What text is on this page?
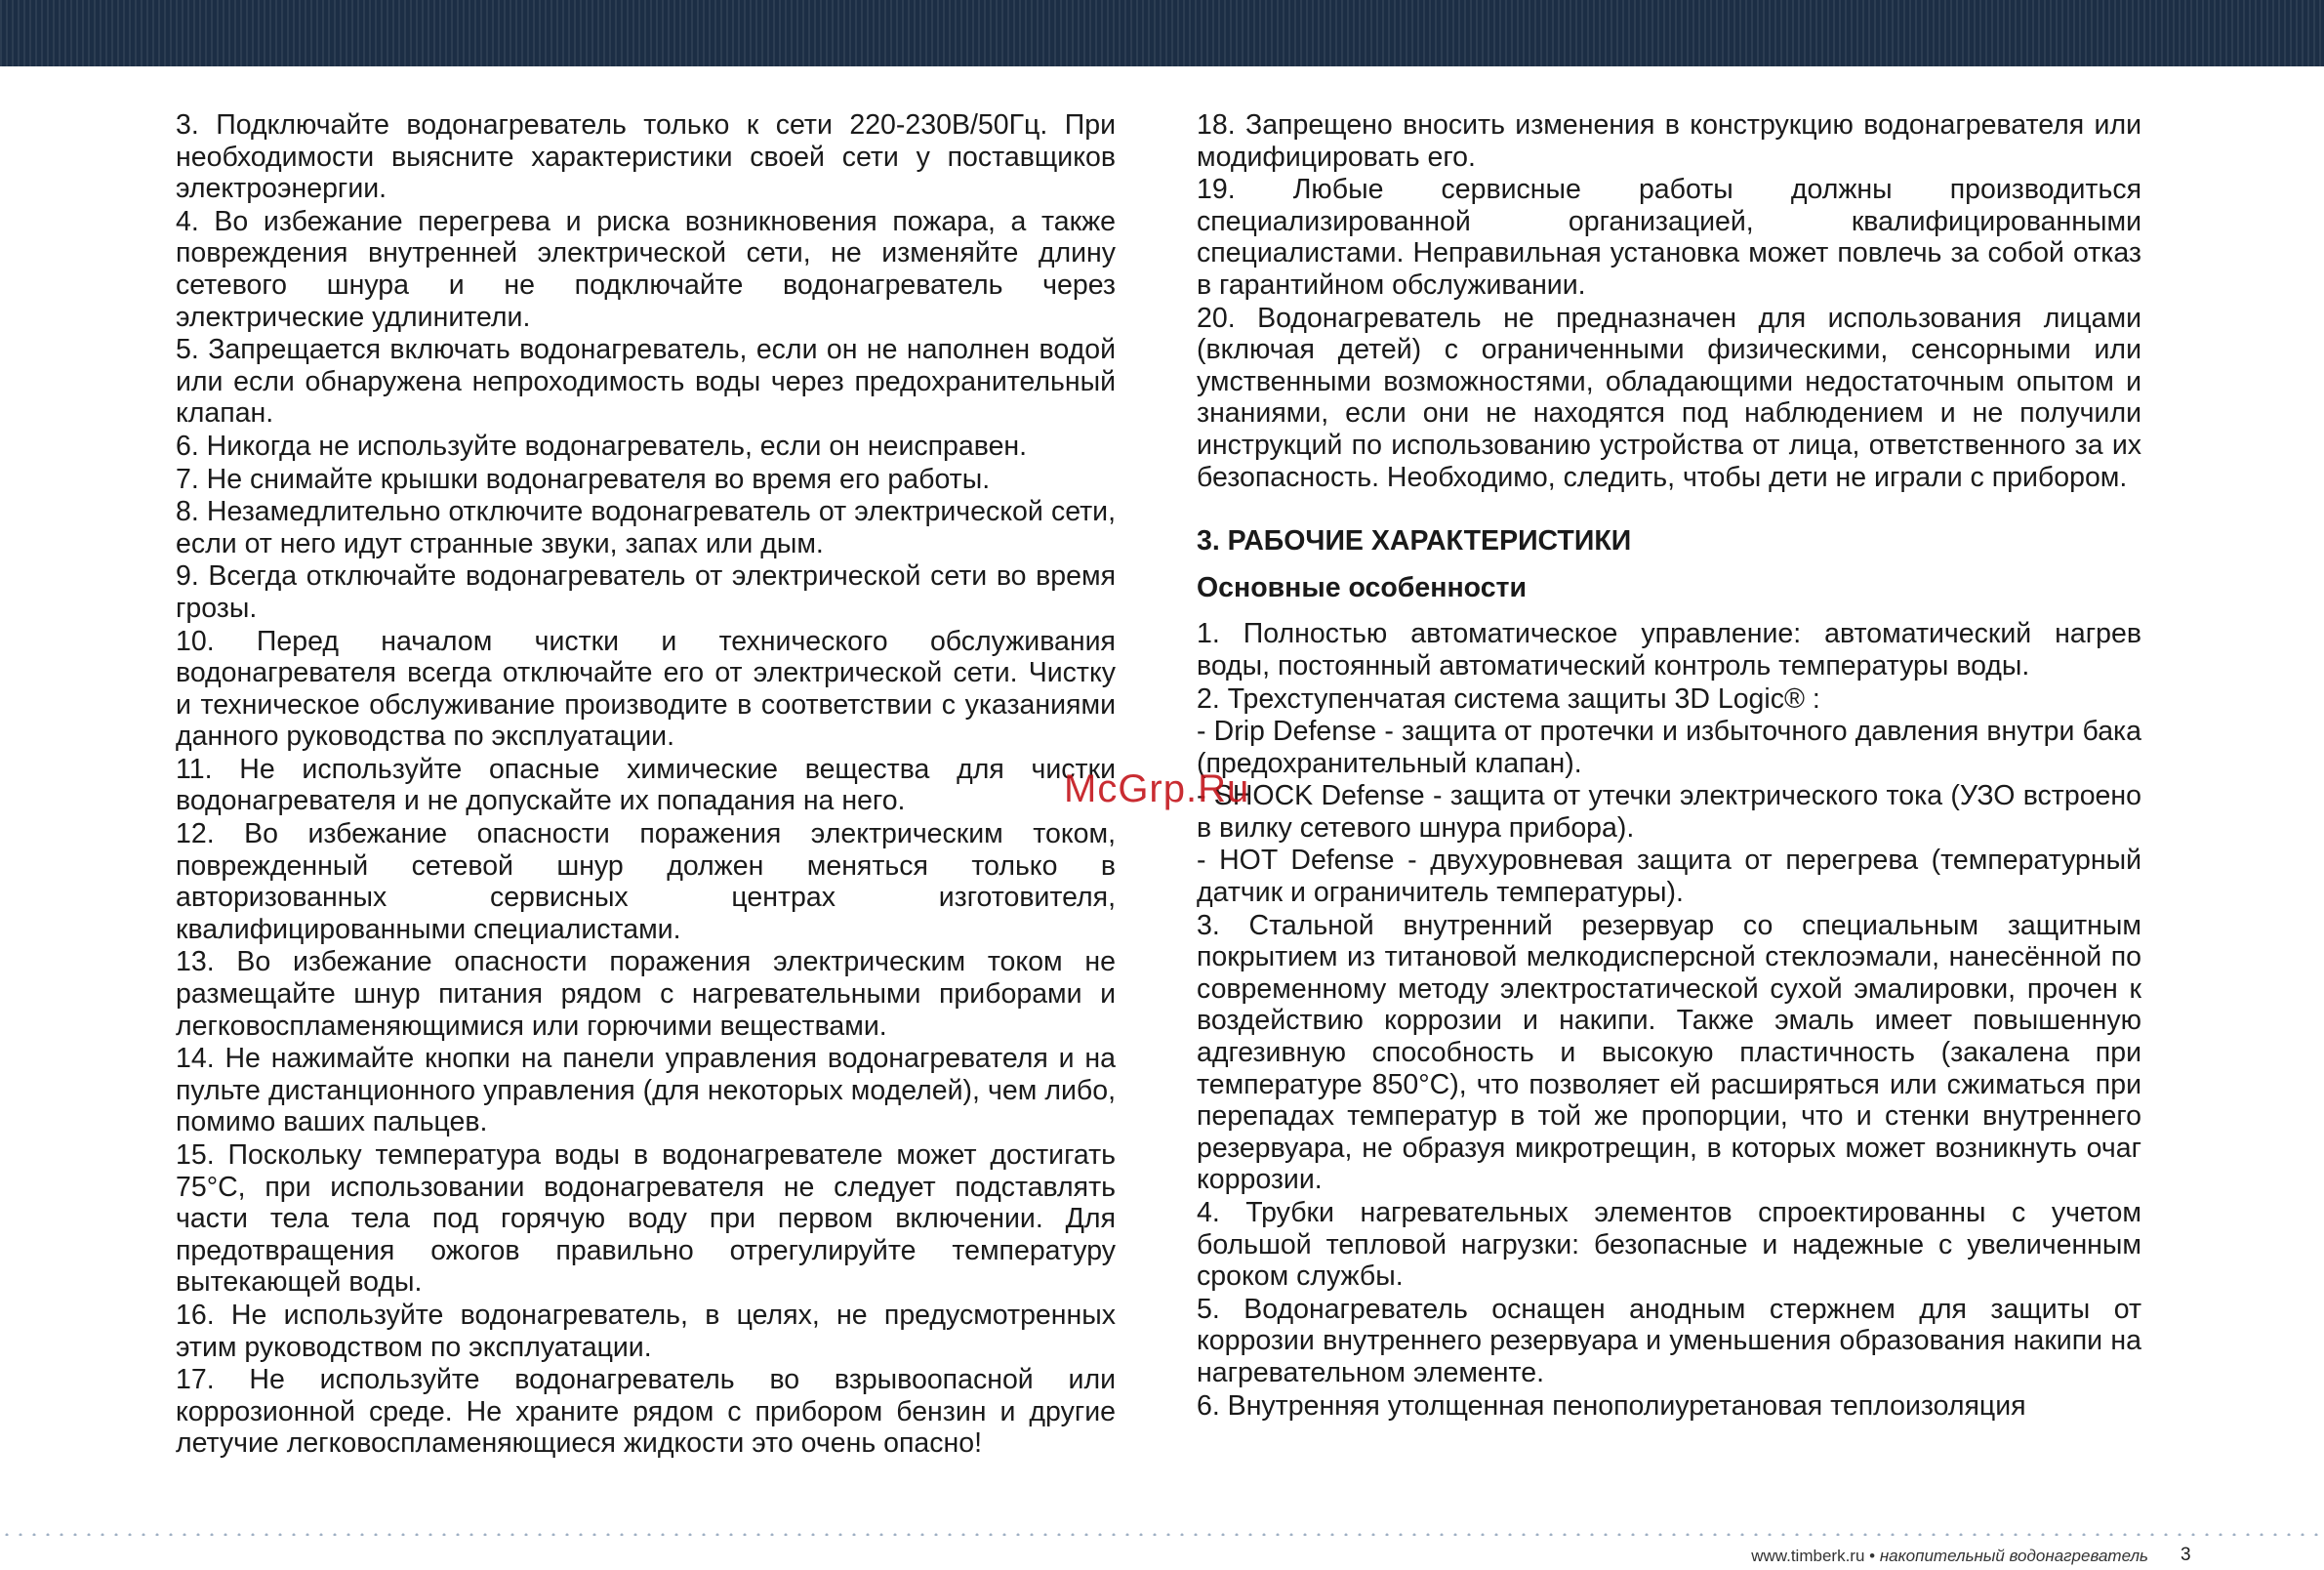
3. Подключайте водонагреватель только к сети 220-230В/50Гц. При необходимости выясните характеристики своей сети у поставщиков электроэнергии.

4. Во избежание перегрева и риска возникновения пожара, а также повреждения внутренней электрической сети, не изменяйте длину сетевого шнура и не подключайте водонагреватель через электрические удлинители.

5. Запрещается включать водонагреватель, если он не наполнен водой или если обнаружена непроходимость воды через предохранительный клапан.

6. Никогда не используйте водонагреватель, если он неисправен.

7. Не снимайте крышки водонагревателя во время его работы.

8. Незамедлительно отключите водонагреватель от электрической сети, если от него идут странные звуки, запах или дым.

9. Всегда отключайте водонагреватель от электрической сети во время грозы.

10. Перед началом чистки и технического обслуживания водонагревателя всегда отключайте его от электрической сети. Чистку и техническое обслуживание производите в соответствии с указаниями данного руководства по эксплуатации.

11. Не используйте опасные химические вещества для чистки водонагревателя и не допускайте их попадания на него.

12. Во избежание опасности поражения электрическим током, поврежденный сетевой шнур должен меняться только в авторизованных сервисных центрах изготовителя, квалифицированными специалистами.

13. Во избежание опасности поражения электрическим током не размещайте шнур питания рядом с нагревательными приборами и легковоспламеняющимися или горючими веществами.

14. Не нажимайте кнопки на панели управления водонагревателя и на пульте дистанционного управления (для некоторых моделей), чем либо, помимо ваших пальцев.

15. Поскольку температура воды в водонагревателе может достигать 75°С, при использовании водонагревателя не следует подставлять части тела тела под горячую воду при первом включении. Для предотвращения ожогов правильно отрегулируйте температуру вытекающей воды.

16. Не используйте водонагреватель, в целях, не предусмотренных этим руководством по эксплуатации.

17. Не используйте водонагреватель во взрывоопасной или коррозионной среде. Не храните рядом с прибором бензин и другие летучие легковоспламеняющиеся жидкости это очень опасно!

18. Запрещено вносить изменения в конструкцию водонагревателя или модифицировать его.

19. Любые сервисные работы должны производиться специализированной организацией, квалифицированными специалистами. Неправильная установка может повлечь за собой отказ в гарантийном обслуживании.

20. Водонагреватель не предназначен для использования лицами (включая детей) с ограниченными физическими, сенсорными или умственными возможностями, обладающими недостаточным опытом и знаниями, если они не находятся под наблюдением и не получили инструкций по использованию устройства от лица, ответственного за их безопасность. Необходимо, следить, чтобы дети не играли с прибором.

3. РАБОЧИЕ ХАРАКТЕРИСТИКИ

Основные особенности

1. Полностью автоматическое управление: автоматический нагрев воды, постоянный автоматический контроль температуры воды.

2. Трехступенчатая система защиты 3D Logic® :

- Drip Defense - защита от протечки и избыточного давления внутри бака (предохранительный клапан).

- SHOCK Defense - защита от утечки электрического тока (УЗО встроено в вилку сетевого шнура прибора).

- HOT Defense - двухуровневая защита от перегрева (температурный датчик и ограничитель температуры).

3. Стальной внутренний резервуар со специальным защитным покрытием из титановой мелкодисперсной стеклоэмали, нанесённой по современному методу электростатической сухой эмалировки, прочен к воздействию коррозии и накипи. Также эмаль имеет повышенную адгезивную способность и высокую пластичность (закалена при температуре 850°С), что позволяет ей расширяться или сжиматься при перепадах температур в той же пропорции, что и стенки внутреннего резервуара, не образуя микротрещин, в которых может возникнуть очаг коррозии.

4. Трубки нагревательных элементов спроектированны с учетом большой тепловой нагрузки: безопасные и надежные с увеличенным сроком службы.

5. Водонагреватель оснащен анодным стержнем для защиты от коррозии внутреннего резервуара и уменьшения образования накипи на нагревательном элементе.

6. Внутренняя утолщенная пенополиуретановая теплоизоляция

McGrp.Ru
www.timberk.ru • накопительный водонагреватель 3
